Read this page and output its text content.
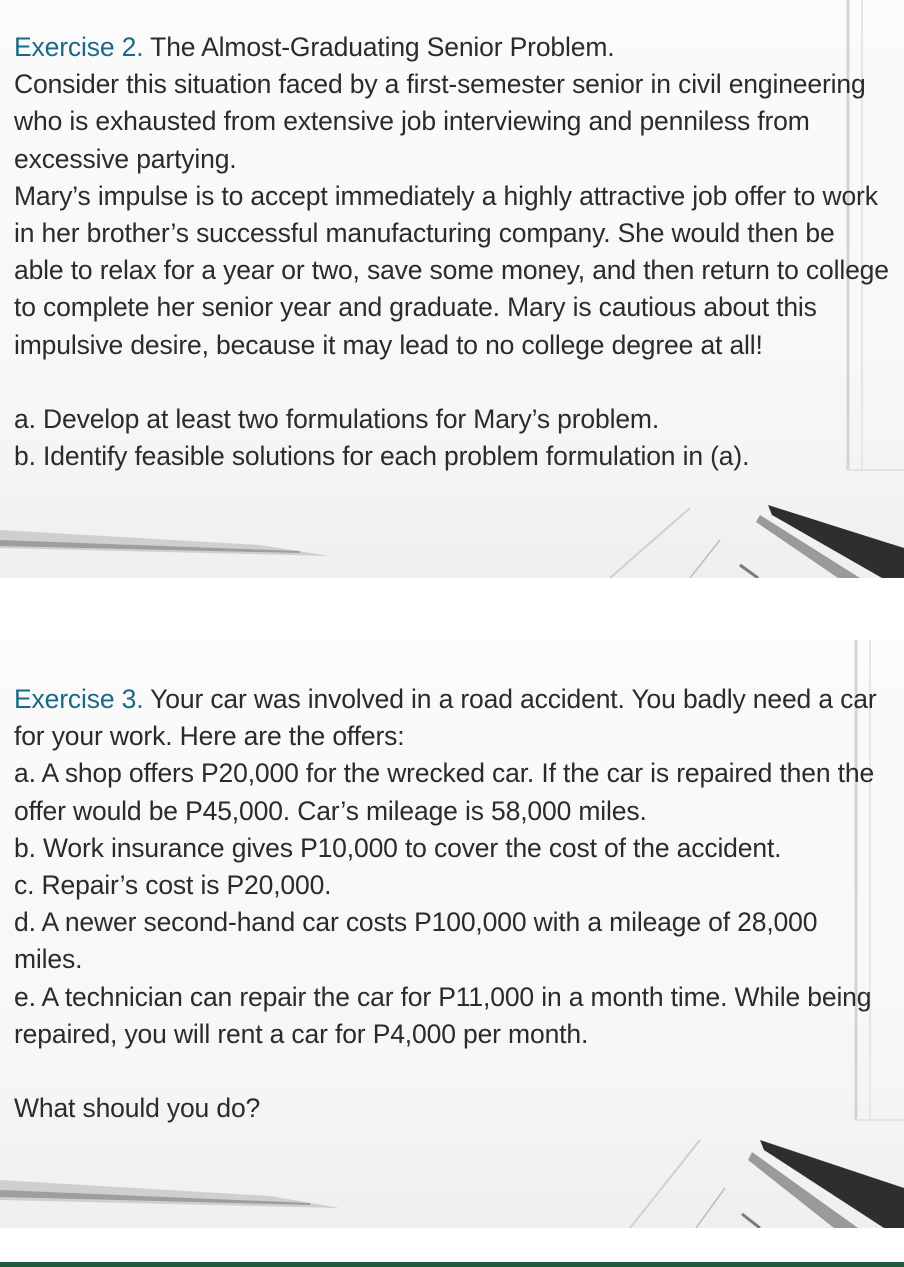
Exercise 2. The Almost-Graduating Senior Problem.

Consider this situation faced by a first-semester senior in civil engineering who is exhausted from extensive job interviewing and penniless from excessive partying.

Mary’s impulse is to accept immediately a highly attractive job offer to work in her brother’s successful manufacturing company. She would then be able to relax for a year or two, save some money, and then return to college to complete her senior year and graduate. Mary is cautious about this impulsive desire, because it may lead to no college degree at all!

a. Develop at least two formulations for Mary’s problem.

b. Identify feasible solutions for each problem formulation in (a).

Exercise 3. Your car was involved in a road accident. You badly need a car for your work. Here are the offers:

a. A shop offers P20,000 for the wrecked car. If the car is repaired then the offer would be P45,000. Car’s mileage is 58,000 miles.

b. Work insurance gives P10,000 to cover the cost of the accident.

c. Repair’s cost is P20,000.

d. A newer second-hand car costs P100,000 with a mileage of 28,000 miles.

e. A technician can repair the car for P11,000 in a month time. While being repaired, you will rent a car for P4,000 per month.

What should you do?
